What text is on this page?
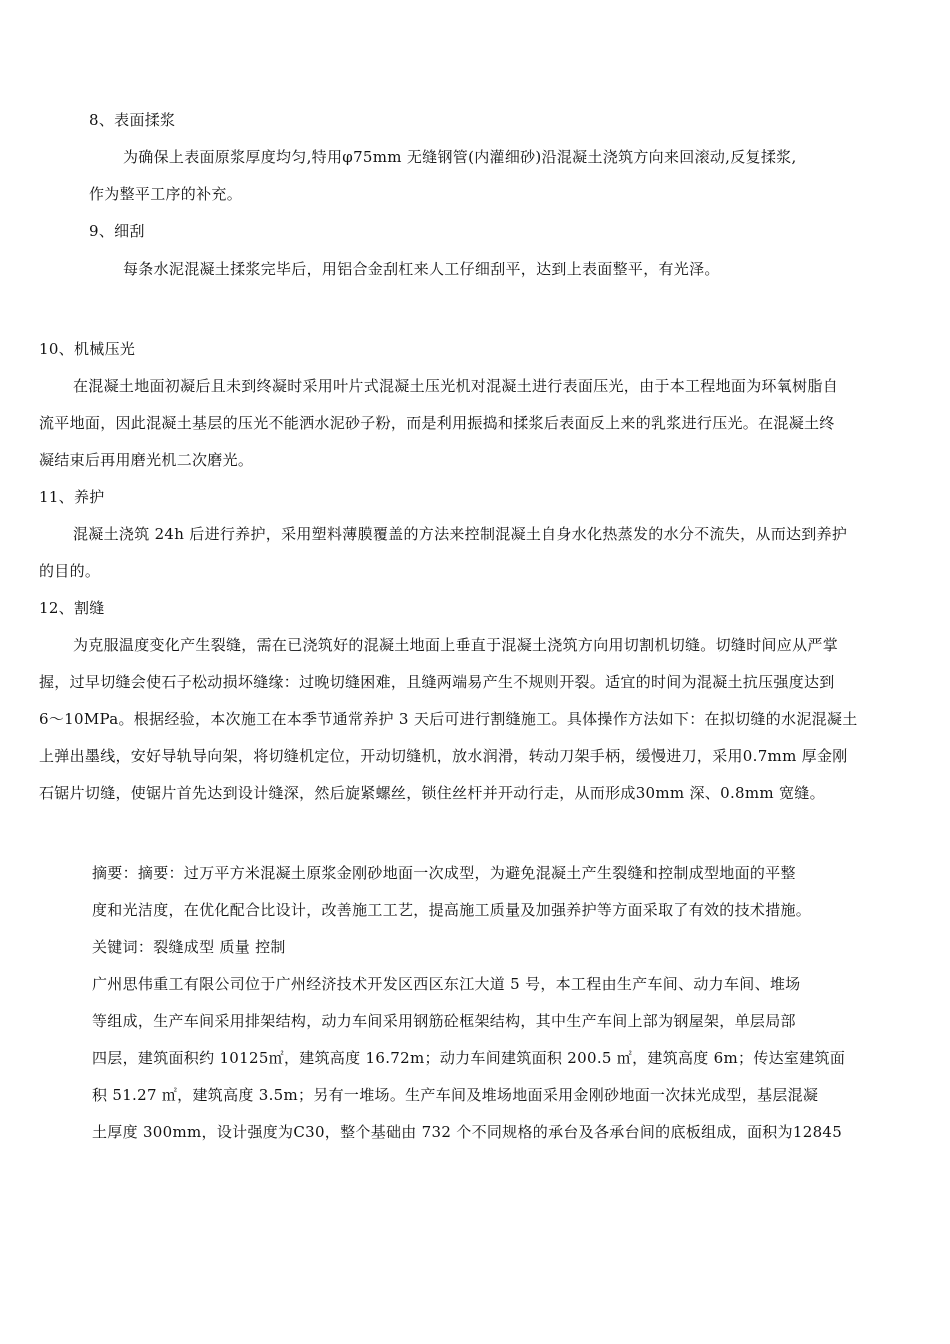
8、表面揉浆
为确保上表面原浆厚度均匀,特用φ75mm 无缝钢管(内灌细砂)沿混凝土浇筑方向来回滚动,反复揉浆,
作为整平工序的补充。
9、细刮
每条水泥混凝土揉浆完毕后，用铝合金刮杠来人工仔细刮平，达到上表面整平，有光泽。
10、机械压光
在混凝土地面初凝后且未到终凝时采用叶片式混凝土压光机对混凝土进行表面压光，由于本工程地面为环氧树脂自
流平地面，因此混凝土基层的压光不能洒水泥砂子粉，而是利用振捣和揉浆后表面反上来的乳浆进行压光。在混凝土终
凝结束后再用磨光机二次磨光。
11、养护
混凝土浇筑 24h 后进行养护，采用塑料薄膜覆盖的方法来控制混凝土自身水化热蒸发的水分不流失，从而达到养护
的目的。
12、割缝
为克服温度变化产生裂缝，需在已浇筑好的混凝土地面上垂直于混凝土浇筑方向用切割机切缝。切缝时间应从严掌
握，过早切缝会使石子松动损坏缝缘：过晚切缝困难，且缝两端易产生不规则开裂。适宜的时间为混凝土抗压强度达到
6～10MPa。根据经验，本次施工在本季节通常养护 3 天后可进行割缝施工。具体操作方法如下：在拟切缝的水泥混凝土
上弹出墨线，安好导轨导向架，将切缝机定位，开动切缝机，放水润滑，转动刀架手柄，缓慢进刀，采用0.7mm 厚金刚
石锯片切缝，使锯片首先达到设计缝深，然后旋紧螺丝，锁住丝杆并开动行走，从而形成30mm 深、0.8mm 宽缝。
摘要：摘要：过万平方米混凝土原浆金刚砂地面一次成型，为避免混凝土产生裂缝和控制成型地面的平整
度和光洁度，在优化配合比设计，改善施工工艺，提高施工质量及加强养护等方面采取了有效的技术措施。
关键词：裂缝成型 质量 控制
广州思伟重工有限公司位于广州经济技术开发区西区东江大道 5 号，本工程由生产车间、动力车间、堆场
等组成，生产车间采用排架结构，动力车间采用钢筋砼框架结构，其中生产车间上部为钢屋架，单层局部
四层，建筑面积约 10125㎡，建筑高度 16.72m；动力车间建筑面积 200.5 ㎡，建筑高度 6m；传达室建筑面
积 51.27 ㎡，建筑高度 3.5m；另有一堆场。生产车间及堆场地面采用金刚砂地面一次抹光成型，基层混凝
土厚度 300mm，设计强度为C30，整个基础由 732 个不同规格的承台及各承台间的底板组成，面积为12845
